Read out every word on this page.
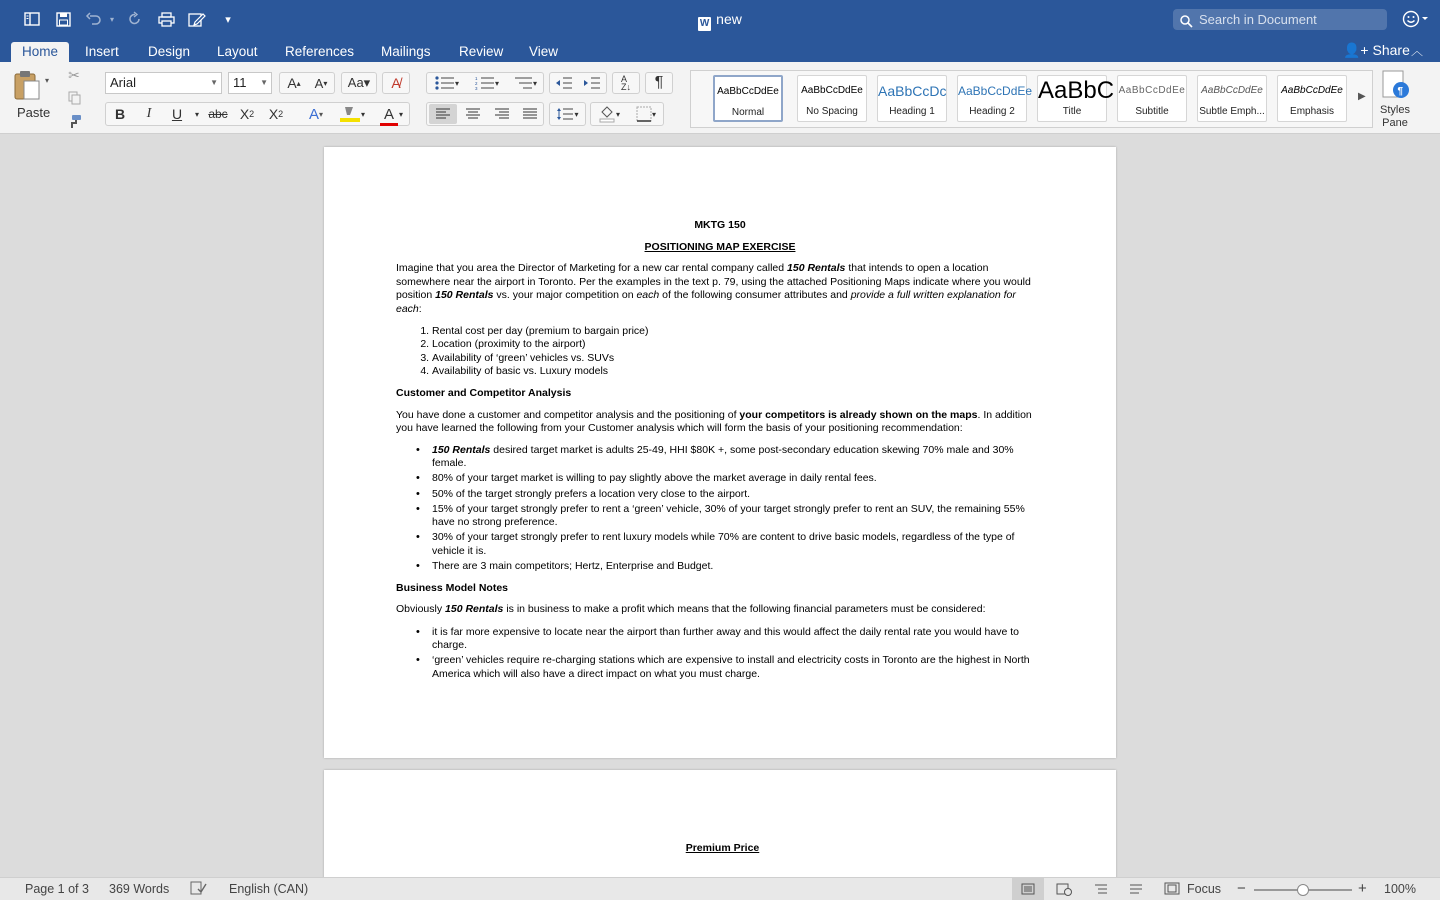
▾	▾	W new	Search in Document
Home	Insert	Design	Layout	References	Mailings	Review	View	👤+ Share ︿
▾
Paste
✂	Arial	▼	11 ▼	A ▴	A ▾ Aa▾	A̸
B	I	U	▾ abc X 2 X 2	A ▾	▾	A ▾
▾	1
2
3
▾	▾	A
Z↓	¶
▾	▾	▾
AaBbCcDdEe
Normal
AaBbCcDdEe
No Spacing
AaBbCcDc
Heading 1
AaBbCcDdEe
Heading 2
AaBbC
Title
AaBbCcDdEe
Subtitle
AaBbCcDdEe
Subtle Emph...
AaBbCcDdEe
Emphasis
▶	¶
Styles
Pane
MKTG 150
POSITIONING MAP EXERCISE

Imagine that you area the Director of Marketing for a new car rental company called 150 Rentals that intends to open a location somewhere near the airport in Toronto. Per the examples in the text p. 79, using the attached Positioning Maps indicate where you would position 150 Rentals vs. your major competition on each of the following consumer attributes and provide a full written explanation for each:

1. Rental cost per day (premium to bargain price)
2. Location (proximity to the airport)
3. Availability of ‘green’ vehicles vs. SUVs
4. Availability of basic vs. Luxury models

Customer and Competitor Analysis

You have done a customer and competitor analysis and the positioning of your competitors is already shown on the maps. In addition you have learned the following from your Customer analysis which will form the basis of your positioning recommendation:

• 150 Rentals desired target market is adults 25-49, HHI $80K +, some post-secondary education skewing 70% male and 30% female.
• 80% of your target market is willing to pay slightly above the market average in daily rental fees.
• 50% of the target strongly prefers a location very close to the airport.
• 15% of your target strongly prefer to rent a ‘green’ vehicle, 30% of your target strongly prefer to rent an SUV, the remaining 55% have no strong preference.
• 30% of your target strongly prefer to rent luxury models while 70% are content to drive basic models, regardless of the type of vehicle it is.
• There are 3 main competitors; Hertz, Enterprise and Budget.

Business Model Notes

Obviously 150 Rentals is in business to make a profit which means that the following financial parameters must be considered:

• it is far more expensive to locate near the airport than further away and this would affect the daily rental rate you would have to charge.
• ‘green’ vehicles require re-charging stations which are expensive to install and electricity costs in Toronto are the highest in North America which will also have a direct impact on what you must charge.
Premium Price
Page 1 of 3 369 Words	English (CAN)	Focus −	+ 100%
